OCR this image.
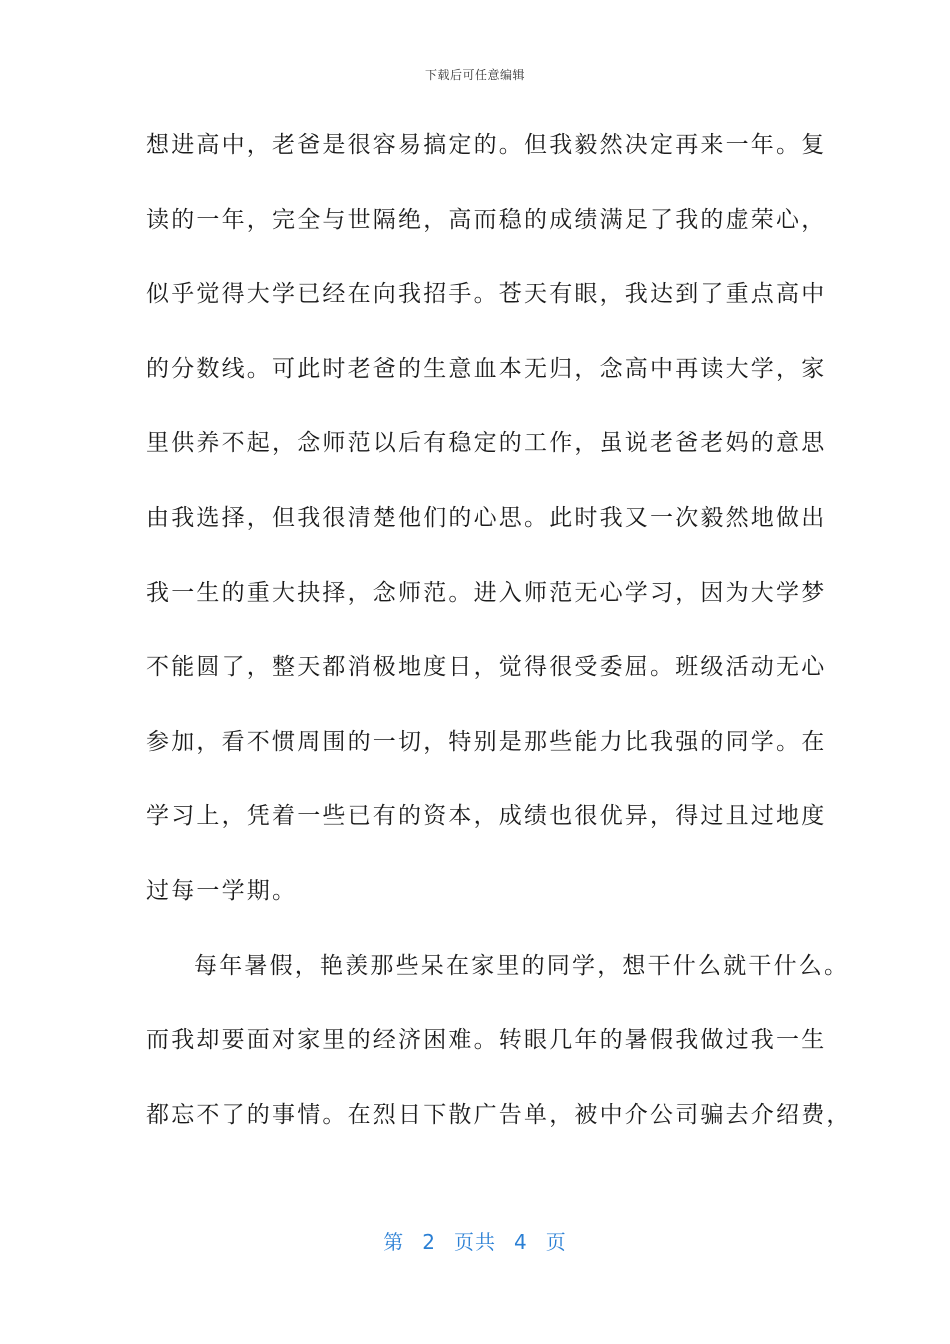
下载后可任意编辑
想进高中，老爸是很容易搞定的。但我毅然决定再来一年。复
读的一年，完全与世隔绝，高而稳的成绩满足了我的虚荣心，
似乎觉得大学已经在向我招手。苍天有眼，我达到了重点高中
的分数线。可此时老爸的生意血本无归，念高中再读大学，家
里供养不起，念师范以后有稳定的工作，虽说老爸老妈的意思
由我选择，但我很清楚他们的心思。此时我又一次毅然地做出
我一生的重大抉择，念师范。进入师范无心学习，因为大学梦
不能圆了，整天都消极地度日，觉得很受委屈。班级活动无心
参加，看不惯周围的一切，特别是那些能力比我强的同学。在
学习上，凭着一些已有的资本，成绩也很优异，得过且过地度
过每一学期。
每年暑假，艳羡那些呆在家里的同学，想干什么就干什么。
而我却要面对家里的经济困难。转眼几年的暑假我做过我一生
都忘不了的事情。在烈日下散广告单，被中介公司骗去介绍费，
第 2 页共 4 页
